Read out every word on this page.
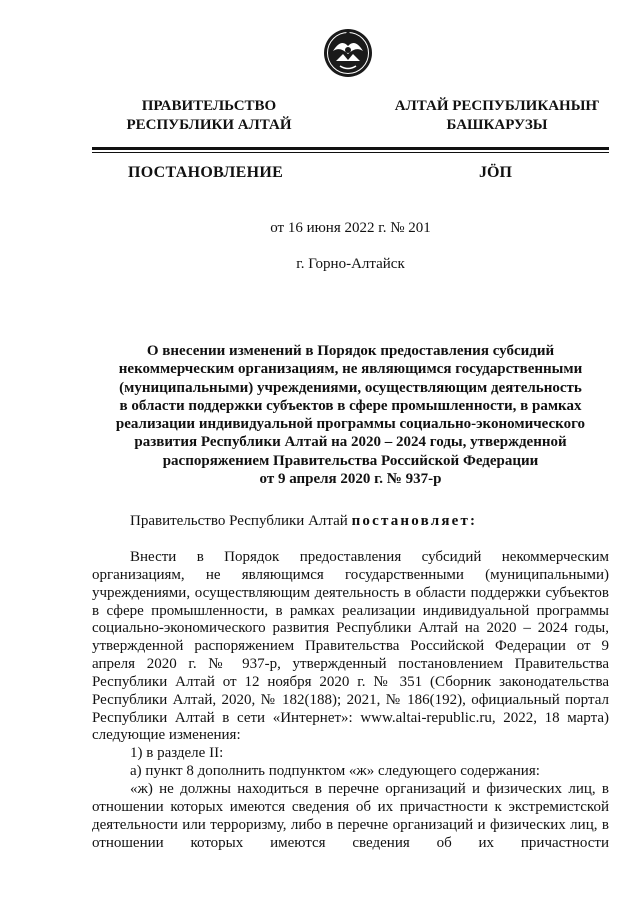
ПРАВИТЕЛЬСТВО
РЕСПУБЛИКИ АЛТАЙ
АЛТАЙ РЕСПУБЛИКАНЫҤ
БАШКАРУЗЫ
ПОСТАНОВЛЕНИЕ	JÖП
от 16 июня 2022 г. № 201
г. Горно-Алтайск
О внесении изменений в Порядок предоставления субсидий
некоммерческим организациям, не являющимся государственными
(муниципальными) учреждениями, осуществляющим деятельность
в области поддержки субъектов в сфере промышленности, в рамках
реализации индивидуальной программы социально-экономического
развития Республики Алтай на 2020 – 2024 годы, утвержденной
распоряжением Правительства Российской Федерации
от 9 апреля 2020 г. № 937-р
Правительство Республики Алтай постановляет:

Внести в Порядок предоставления субсидий некоммерческим организациям, не являющимся государственными (муниципальными) учреждениями, осуществляющим деятельность в области поддержки субъектов в сфере промышленности, в рамках реализации индивидуальной программы социально-экономического развития Республики Алтай на 2020 – 2024 годы, утвержденной распоряжением Правительства Российской Федерации от 9 апреля 2020 г. № 937-р, утвержденный постановлением Правительства Республики Алтай от 12 ноября 2020 г. № 351 (Сборник законодательства Республики Алтай, 2020, № 182(188); 2021, № 186(192), официальный портал Республики Алтай в сети «Интернет»: www.altai-republic.ru, 2022, 18 марта) следующие изменения:

1) в разделе II:

а) пункт 8 дополнить подпунктом «ж» следующего содержания:

«ж) не должны находиться в перечне организаций и физических лиц, в отношении которых имеются сведения об их причастности к экстремистской деятельности или терроризму, либо в перечне организаций и физических лиц, в отношении которых имеются сведения об их причастности
